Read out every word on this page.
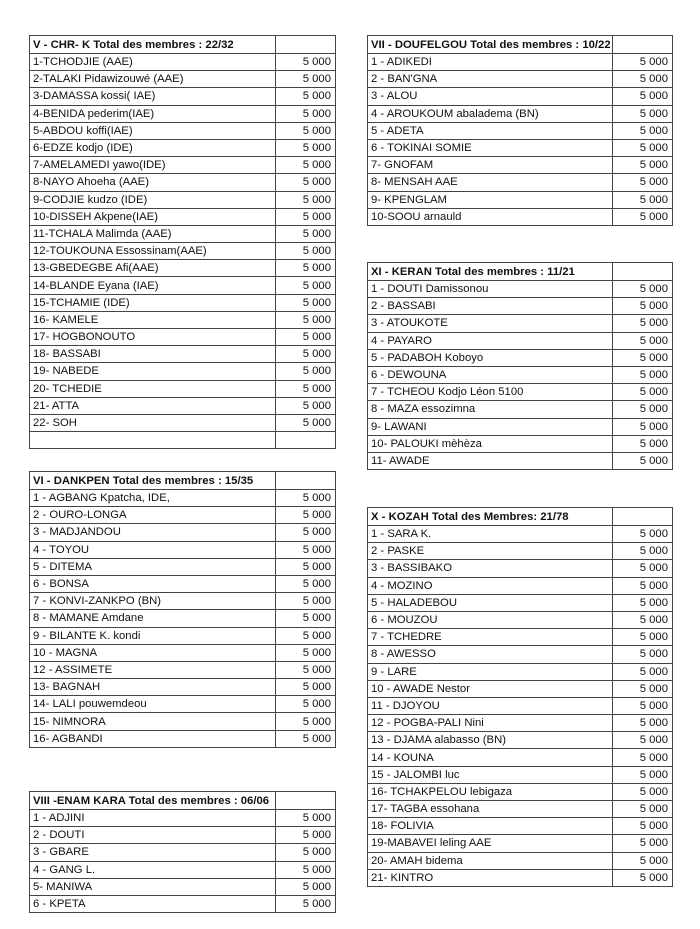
V - CHR- K Total des membres : 22/32	
1-TCHODJIE (AAE)	5 000
2-TALAKI Pidawizouwé (AAE)	5 000
3-DAMASSA kossi( IAE)	5 000
4-BENIDA pederim(IAE)	5 000
5-ABDOU koffi(IAE)	5 000
6-EDZE kodjo (IDE)	5 000
7-AMELAMEDI yawo(IDE)	5 000
8-NAYO Ahoeha (AAE)	5 000
9-CODJIE kudzo (IDE)	5 000
10-DISSEH Akpene(IAE)	5 000
11-TCHALA Malimda (AAE)	5 000
12-TOUKOUNA Essossinam(AAE)	5 000
13-GBEDEGBE Afi(AAE)	5 000
14-BLANDE Eyana (IAE)	5 000
15-TCHAMIE (IDE)	5 000
16- KAMELE	5 000
17- HOGBONOUTO	5 000
18- BASSABI	5 000
19- NABEDE	5 000
20- TCHEDIE	5 000
21- ATTA	5 000
22- SOH	5 000

VI - DANKPEN Total des membres : 15/35	
1 - AGBANG Kpatcha, IDE,	5 000
2 - OURO-LONGA	5 000
3 - MADJANDOU	5 000
4 - TOYOU	5 000
5 - DITEMA	5 000
6 - BONSA	5 000
7 - KONVI-ZANKPO (BN)	5 000
8 - MAMANE Amdane	5 000
9 - BILANTE K. kondi	5 000
10 - MAGNA	5 000
12 - ASSIMETE	5 000
13- BAGNAH	5 000
14- LALI pouwemdeou	5 000
15- NIMNORA	5 000
16- AGBANDI	5 000
VIII -ENAM KARA Total des membres : 06/06	
1 - ADJINI	5 000
2 - DOUTI	5 000
3 - GBARE	5 000
4 - GANG L.	5 000
5- MANIWA	5 000
6 - KPETA	5 000
VII - DOUFELGOU Total des membres : 10/22	
1 - ADIKEDI	5 000
2 - BAN'GNA	5 000
3 - ALOU	5 000
4 - AROUKOUM abaladema (BN)	5 000
5 - ADETA	5 000
6 - TOKINAI SOMIE	5 000
7- GNOFAM	5 000
8- MENSAH AAE	5 000
9- KPENGLAM	5 000
10-SOOU arnauld	5 000
XI - KERAN Total des membres : 11/21	
1 - DOUTI Damissonou	5 000
2 - BASSABI	5 000
3 - ATOUKOTE	5 000
4 - PAYARO	5 000
5 - PADABOH Koboyo	5 000
6 - DEWOUNA	5 000
7 - TCHEOU Kodjo Léon 5100	5 000
8 - MAZA essozimna	5 000
9- LAWANI	5 000
10- PALOUKI mèhèza	5 000
11- AWADE	5 000
X - KOZAH Total des Membres: 21/78	
1 - SARA K.	5 000
2 - PASKE	5 000
3 - BASSIBAKO	5 000
4 - MOZINO	5 000
5 - HALADEBOU	5 000
6 - MOUZOU	5 000
7 - TCHEDRE	5 000
8 - AWESSO	5 000
9 - LARE	5 000
10 - AWADE Nestor	5 000
11 - DJOYOU	5 000
12 - POGBA-PALI Nini	5 000
13 - DJAMA alabasso (BN)	5 000
14 - KOUNA	5 000
15 - JALOMBI luc	5 000
16- TCHAKPELOU lebigaza	5 000
17- TAGBA essohana	5 000
18- FOLIVIA	5 000
19-MABAVEI leling AAE	5 000
20- AMAH bidema	5 000
21- KINTRO	5 000
